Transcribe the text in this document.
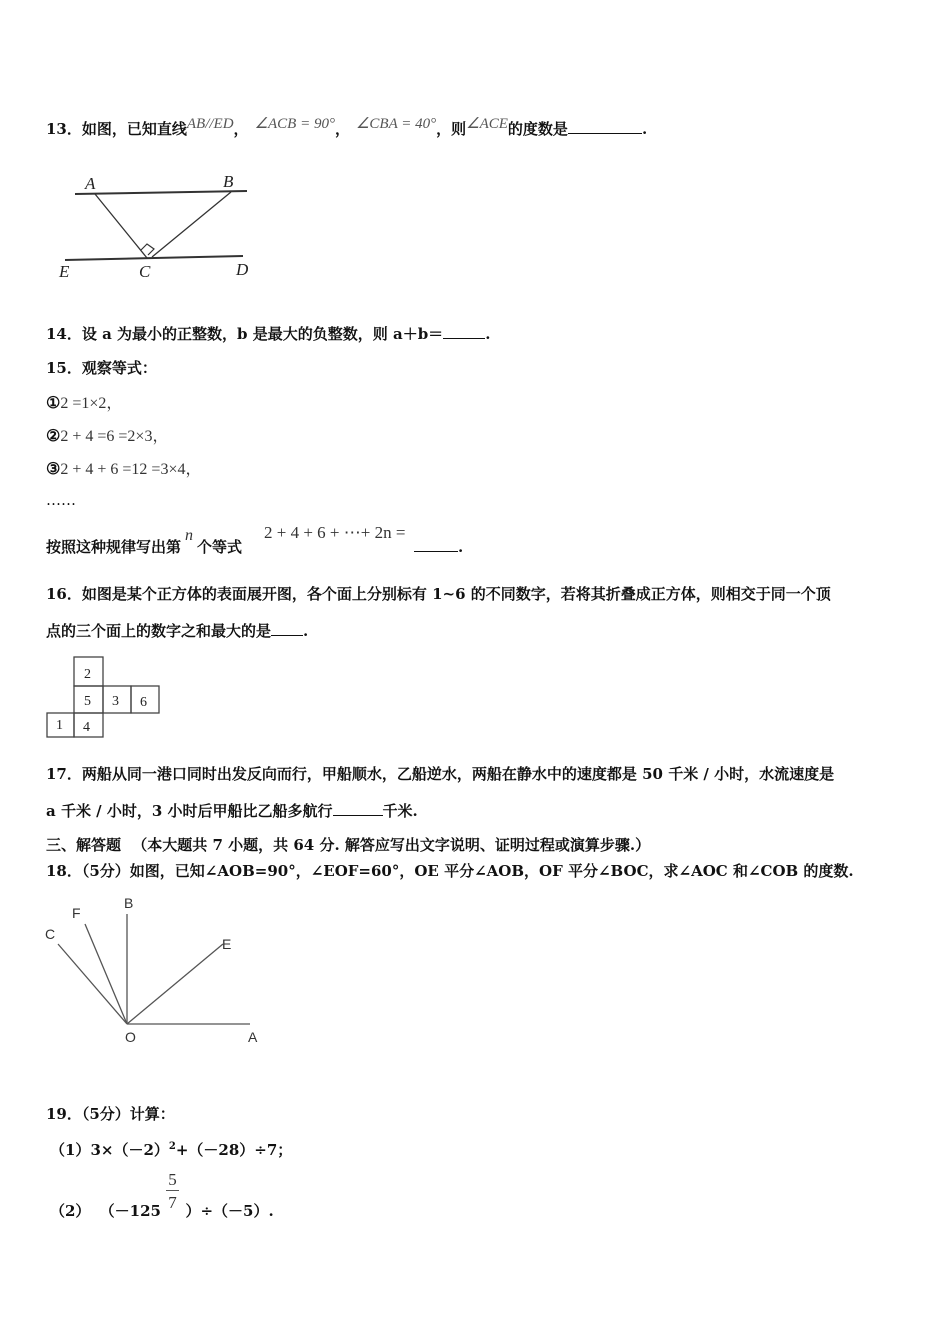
13．如图，已知直线$^{AB//ED}$， $^{\angle ACB = 90^\circ}$， $^{\angle CBA = 40^\circ}$，则$^{\angle ACE}$的度数是	.
A	B
E	C	D
14．设 a 为最小的正整数，b 是最大的负整数，则 a＋b＝	.
15．观察等式：
①2 =1×2，
②2 + 4 =6 =2×3，
③2 + 4 + 6 =12 =3×4，
……
按照这种规律写出第n个等式
2 + 4 + 6 + ⋯+ 2n =
.
16．如图是某个正方体的表面展开图，各个面上分别标有 1~6 的不同数字，若将其折叠成正方体，则相交于同一个顶
点的三个面上的数字之和最大的是 .
2
5 3 6
1 4
17．两船从同一港口同时出发反向而行，甲船顺水，乙船逆水，两船在静水中的速度都是 50 千米 / 小时，水流速度是
a 千米 / 小时，3 小时后甲船比乙船多航行	千米.
三、解答题 （本大题共 7 小题，共 64 分. 解答应写出文字说明、证明过程或演算步骤.）
18．（5分）如图，已知∠AOB=90°，∠EOF=60°，OE 平分∠AOB，OF 平分∠BOC，求∠AOC 和∠COB 的度数.
B
F
C
E
O	A
19．（5分）计算：
$(1)3\times(-2)^2+(-28)\div 7$；
（2） $(-125 \frac{5}{7} )\div(-5)$.
